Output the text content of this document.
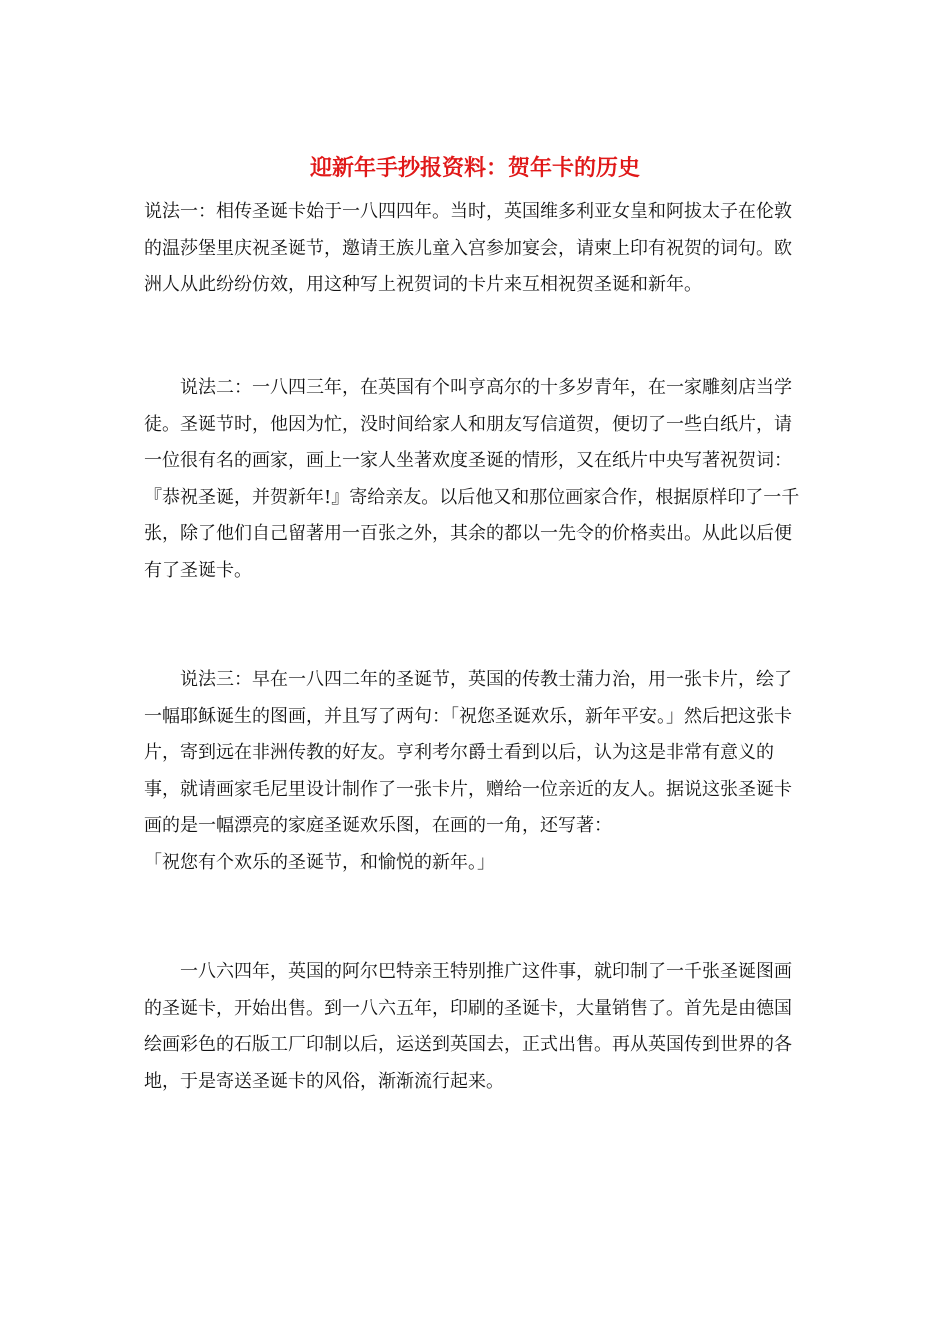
迎新年手抄报资料：贺年卡的历史

说法一：相传圣诞卡始于一八四四年。当时，英国维多利亚女皇和阿拔太子在伦敦的温莎堡里庆祝圣诞节，邀请王族儿童入宫参加宴会，请柬上印有祝贺的词句。欧洲人从此纷纷仿效，用这种写上祝贺词的卡片来互相祝贺圣诞和新年。

　　说法二：一八四三年，在英国有个叫亨高尔的十多岁青年，在一家雕刻店当学徒。圣诞节时，他因为忙，没时间给家人和朋友写信道贺，便切了一些白纸片，请一位很有名的画家，画上一家人坐著欢度圣诞的情形，又在纸片中央写著祝贺词：『恭祝圣诞，并贺新年!』寄给亲友。以后他又和那位画家合作，根据原样印了一千张，除了他们自己留著用一百张之外，其余的都以一先令的价格卖出。从此以后便有了圣诞卡。

　　说法三：早在一八四二年的圣诞节，英国的传教士蒲力治，用一张卡片，绘了一幅耶稣诞生的图画，并且写了两句：「祝您圣诞欢乐，新年平安。」然后把这张卡片，寄到远在非洲传教的好友。亨利考尔爵士看到以后，认为这是非常有意义的事，就请画家毛尼里设计制作了一张卡片，赠给一位亲近的友人。据说这张圣诞卡画的是一幅漂亮的家庭圣诞欢乐图，在画的一角，还写著：
「祝您有个欢乐的圣诞节，和愉悦的新年。」

　　一八六四年，英国的阿尔巴特亲王特别推广这件事，就印制了一千张圣诞图画的圣诞卡，开始出售。到一八六五年，印刷的圣诞卡，大量销售了。首先是由德国绘画彩色的石版工厂印制以后，运送到英国去，正式出售。再从英国传到世界的各地，于是寄送圣诞卡的风俗，渐渐流行起来。
